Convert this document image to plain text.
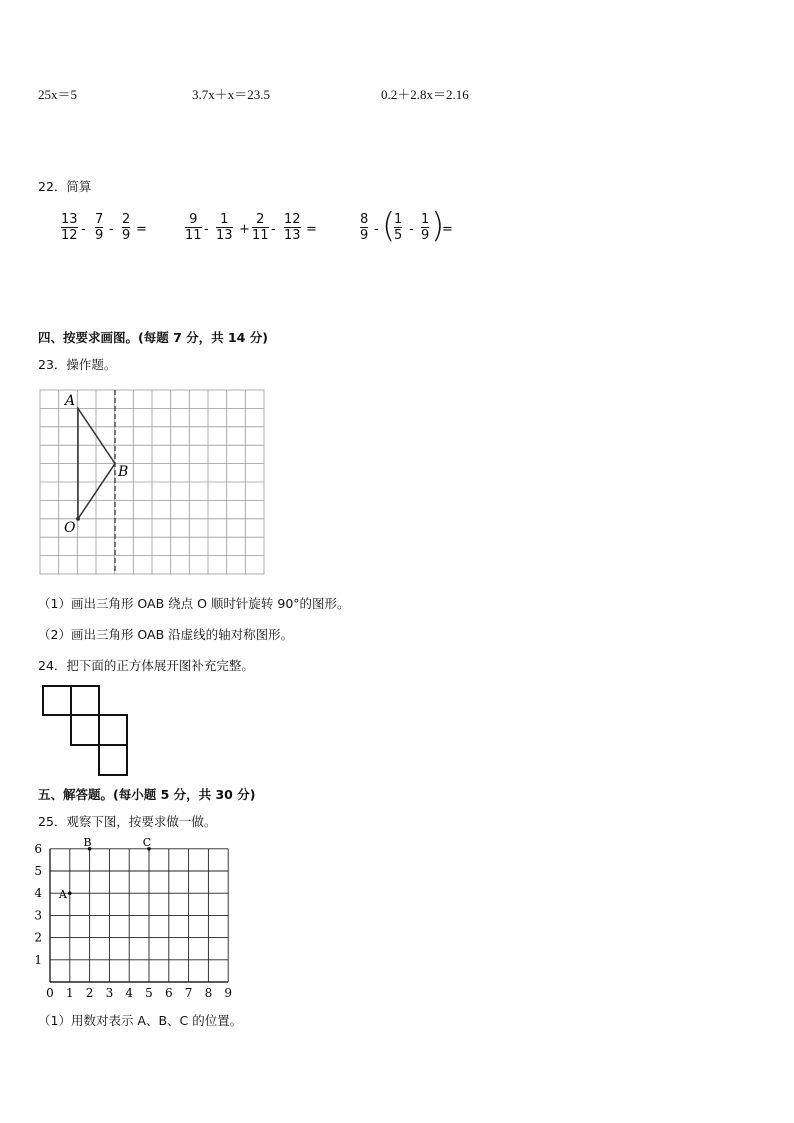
25x＝5	3.7x＋x＝23.5	0.2＋2.8x＝2.16
22．简算
13
12 -
7
9 -
2
9 =
9
11 -
1
13 +
2
11 -
12
13 =
8
9 - (
1
5 -
1
9 )
=
四、按要求画图。(每题 7 分，共 14 分)
23．操作题。
A
B
O
（1）画出三角形 OAB 绕点 O 顺时针旋转 90°的图形。
（2）画出三角形 OAB 沿虚线的轴对称图形。
24．把下面的正方体展开图补充完整。
五、解答题。(每小题 5 分，共 30 分)
25．观察下图，按要求做一做。
0 1 2 3 4 5 6 7 8 9
1
2
3
4
5
6
A
B	C
（1）用数对表示 A、B、C 的位置。
